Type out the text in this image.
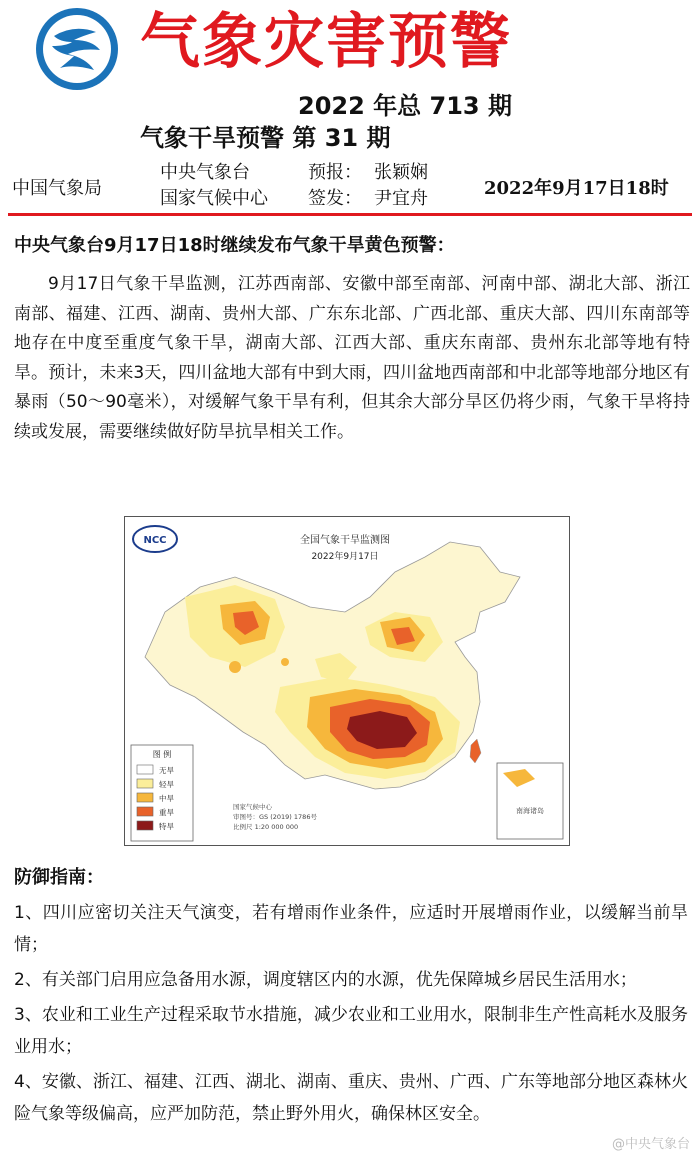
气象灾害预警
2022 年总 713 期
气象干旱预警 第 31 期
中国气象局
中央气象台
国家气候中心
预报： 张颖娴
签发： 尹宜舟	2022年9月17日18时
中央气象台9月17日18时继续发布气象干旱黄色预警：

9月17日气象干旱监测，江苏西南部、安徽中部至南部、河南中部、湖北大部、浙江南部、福建、江西、湖南、贵州大部、广东东北部、广西北部、重庆大部、四川东南部等地存在中度至重度气象干旱，湖南大部、江西大部、重庆东南部、贵州东北部等地有特旱。预计，未来3天，四川盆地大部有中到大雨，四川盆地西南部和中北部等地部分地区有暴雨（50～90毫米），对缓解气象干旱有利，但其余大部分旱区仍将少雨，气象干旱将持续或发展，需要继续做好防旱抗旱相关工作。

NCC	全国气象干旱监测图
2022年9月17日
南海诸岛
图 例
无旱
轻旱
中旱
重旱
特旱
国家气候中心
审图号：GS (2019) 1786号
比例尺 1:20 000 000
防御指南：
1、四川应密切关注天气演变，若有增雨作业条件，应适时开展增雨作业，以缓解当前旱情；
2、有关部门启用应急备用水源，调度辖区内的水源，优先保障城乡居民生活用水；
3、农业和工业生产过程采取节水措施，减少农业和工业用水，限制非生产性高耗水及服务业用水；
4、安徽、浙江、福建、江西、湖北、湖南、重庆、贵州、广西、广东等地部分地区森林火险气象等级偏高，应严加防范，禁止野外用火，确保林区安全。
@中央气象台
